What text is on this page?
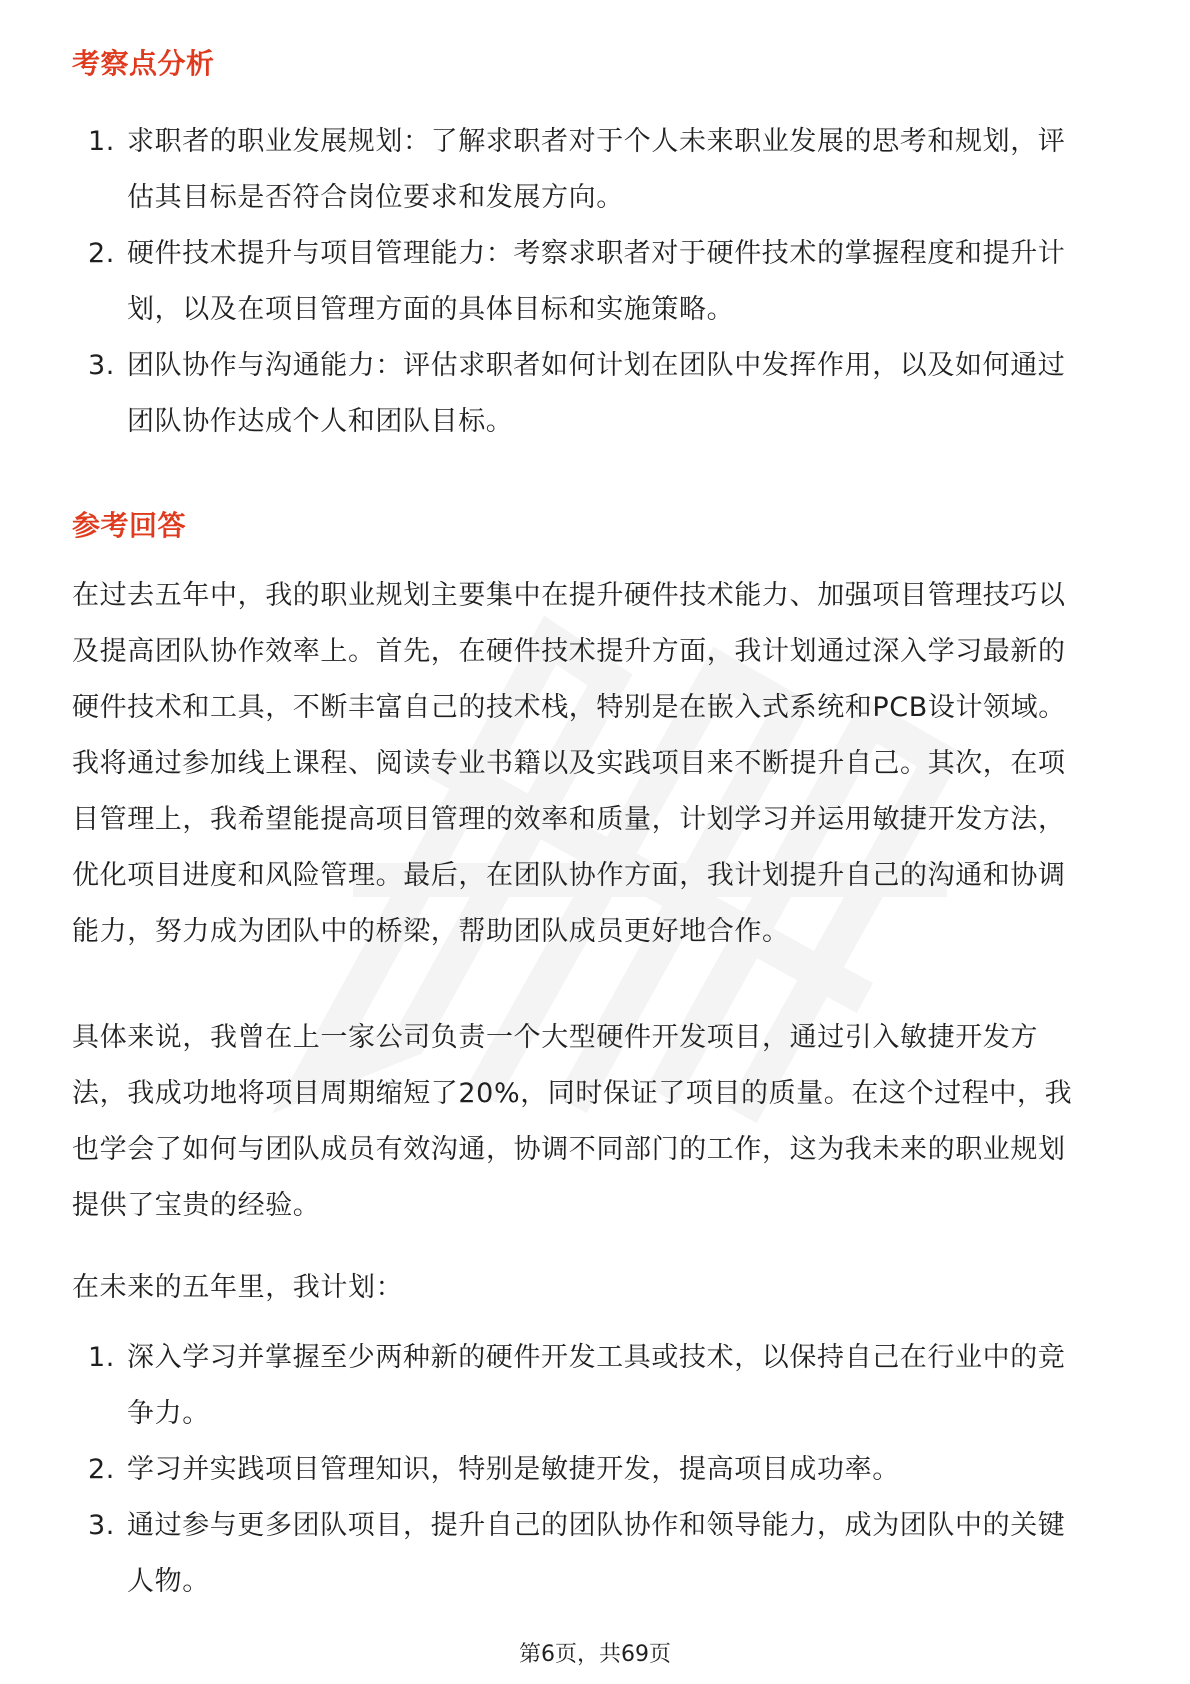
考察点分析
1. 求职者的职业发展规划：了解求职者对于个人未来职业发展的思考和规划，评
估其目标是否符合岗位要求和发展方向。
2. 硬件技术提升与项目管理能力：考察求职者对于硬件技术的掌握程度和提升计
划，以及在项目管理方面的具体目标和实施策略。
3. 团队协作与沟通能力：评估求职者如何计划在团队中发挥作用，以及如何通过
团队协作达成个人和团队目标。
参考回答
在过去五年中，我的职业规划主要集中在提升硬件技术能力、加强项目管理技巧以
及提高团队协作效率上。首先，在硬件技术提升方面，我计划通过深入学习最新的
硬件技术和工具，不断丰富自己的技术栈，特别是在嵌入式系统和PCB设计领域。
我将通过参加线上课程、阅读专业书籍以及实践项目来不断提升自己。其次，在项
目管理上，我希望能提高项目管理的效率和质量，计划学习并运用敏捷开发方法，
优化项目进度和风险管理。最后，在团队协作方面，我计划提升自己的沟通和协调
能力，努力成为团队中的桥梁，帮助团队成员更好地合作。
具体来说，我曾在上一家公司负责一个大型硬件开发项目，通过引入敏捷开发方
法，我成功地将项目周期缩短了20%，同时保证了项目的质量。在这个过程中，我
也学会了如何与团队成员有效沟通，协调不同部门的工作，这为我未来的职业规划
提供了宝贵的经验。
在未来的五年里，我计划：
1. 深入学习并掌握至少两种新的硬件开发工具或技术，以保持自己在行业中的竞
争力。
2. 学习并实践项目管理知识，特别是敏捷开发，提高项目成功率。
3. 通过参与更多团队项目，提升自己的团队协作和领导能力，成为团队中的关键
人物。
第6页，共69页
